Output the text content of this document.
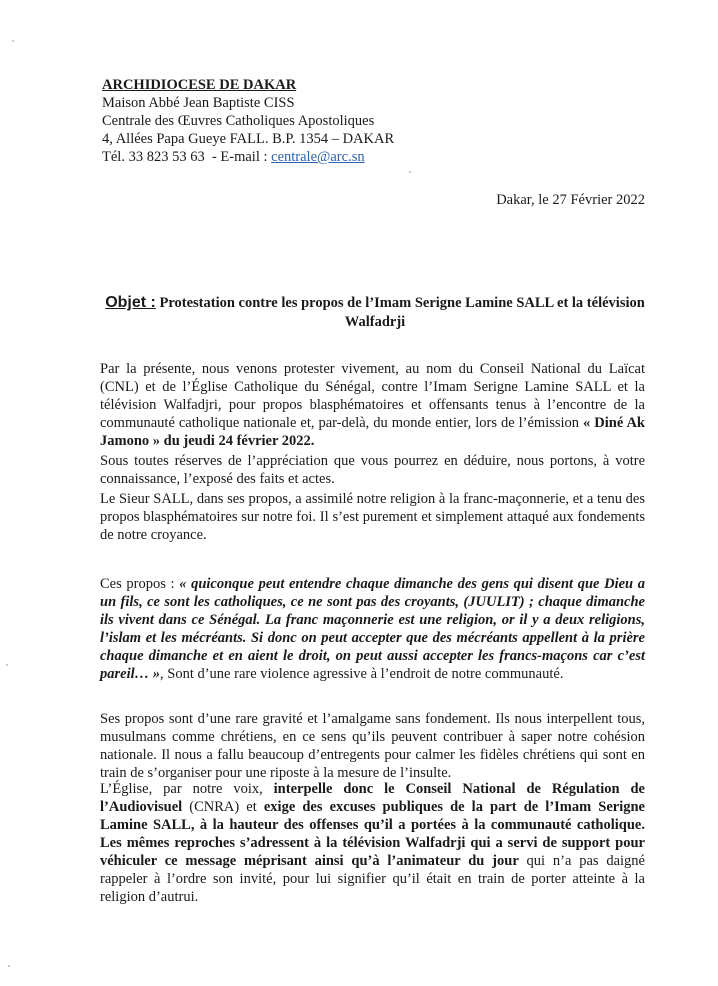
ARCHIDIOCESE DE DAKAR
Maison Abbé Jean Baptiste CISS
Centrale des Œuvres Catholiques Apostoliques
4, Allées Papa Gueye FALL. B.P. 1354 – DAKAR
Tél. 33 823 53 63  - E-mail : centrale@arc.sn
Dakar, le 27 Février 2022
Objet : Protestation contre les propos de l’Imam Serigne Lamine SALL et la télévision Walfadrji
Par la présente, nous venons protester vivement, au nom du Conseil National du Laïcat (CNL) et de l’Église Catholique du Sénégal, contre l’Imam Serigne Lamine SALL et la télévision Walfadjri, pour propos blasphématoires et offensants tenus à l’encontre de la communauté catholique nationale et, par-delà, du monde entier, lors de l’émission « Diné Ak Jamono » du jeudi 24 février 2022.
Sous toutes réserves de l’appréciation que vous pourrez en déduire, nous portons, à votre connaissance, l’exposé des faits et actes.
Le Sieur SALL, dans ses propos, a assimilé notre religion à la franc-maçonnerie, et a tenu des propos blasphématoires sur notre foi. Il s’est purement et simplement attaqué aux fondements de notre croyance.
Ces propos : « quiconque peut entendre chaque dimanche des gens qui disent que Dieu a un fils, ce sont les catholiques, ce ne sont pas des croyants, (JUULIT) ; chaque dimanche ils vivent dans ce Sénégal. La franc maçonnerie est une religion, or il y a deux religions, l’islam et les mécréants. Si donc on peut accepter que des mécréants appellent à la prière chaque dimanche et en aient le droit, on peut aussi accepter les francs-maçons car c’est pareil… », Sont d’une rare violence agressive à l’endroit de notre communauté.
Ses propos sont d’une rare gravité et l’amalgame sans fondement. Ils nous interpellent tous, musulmans comme chrétiens, en ce sens qu’ils peuvent contribuer à saper notre cohésion nationale. Il nous a fallu beaucoup d’entregents pour calmer les fidèles chrétiens qui sont en train de s’organiser pour une riposte à la mesure de l’insulte.
L’Église, par notre voix, interpelle donc le Conseil National de Régulation de l’Audiovisuel (CNRA) et exige des excuses publiques de la part de l’Imam Serigne Lamine SALL, à la hauteur des offenses qu’il a portées à la communauté catholique. Les mêmes reproches s’adressent à la télévision Walfadrji qui a servi de support pour véhiculer ce message méprisant ainsi qu’à l’animateur du jour qui n’a pas daigné rappeler à l’ordre son invité, pour lui signifier qu’il était en train de porter atteinte à la religion d’autrui.
